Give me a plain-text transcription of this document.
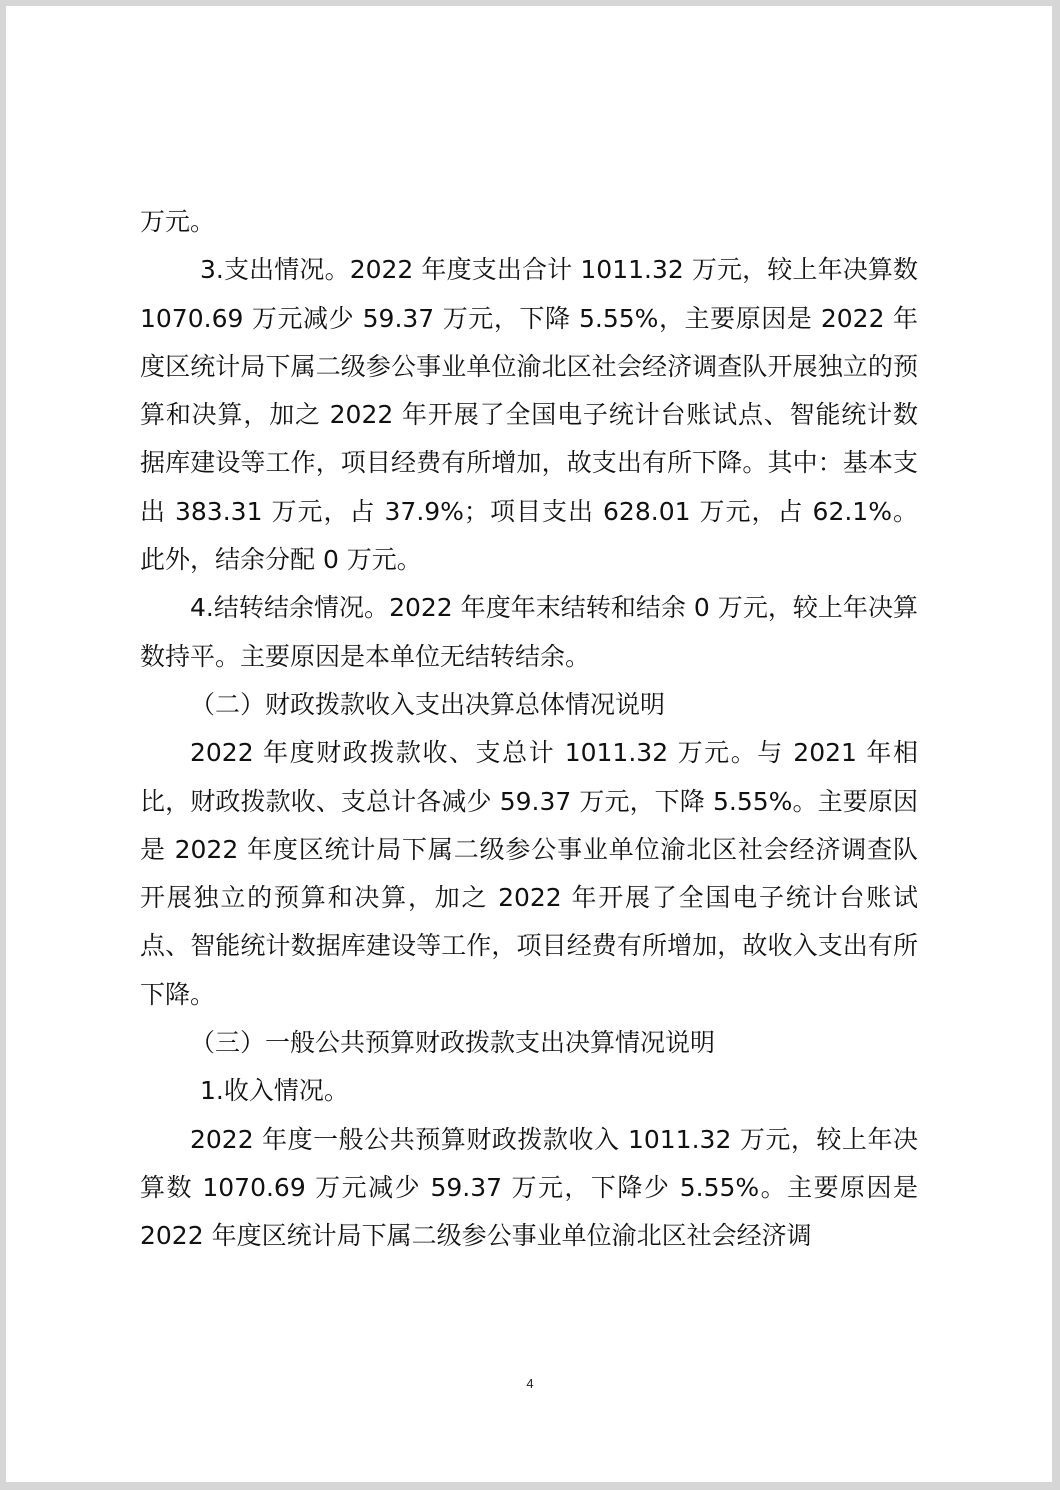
万元。

3.支出情况。2022 年度支出合计 1011.32 万元，较上年决算数 1070.69 万元减少 59.37 万元，下降 5.55%，主要原因是 2022 年度区统计局下属二级参公事业单位渝北区社会经济调查队开展独立的预算和决算，加之 2022 年开展了全国电子统计台账试点、智能统计数据库建设等工作，项目经费有所增加，故支出有所下降。其中：基本支出 383.31 万元，占 37.9%；项目支出 628.01 万元，占 62.1%。此外，结余分配 0 万元。

4.结转结余情况。2022 年度年末结转和结余 0 万元，较上年决算数持平。主要原因是本单位无结转结余。

（二）财政拨款收入支出决算总体情况说明

2022 年度财政拨款收、支总计 1011.32 万元。与 2021 年相比，财政拨款收、支总计各减少 59.37 万元，下降 5.55%。主要原因是 2022 年度区统计局下属二级参公事业单位渝北区社会经济调查队开展独立的预算和决算，加之 2022 年开展了全国电子统计台账试点、智能统计数据库建设等工作，项目经费有所增加，故收入支出有所下降。

（三）一般公共预算财政拨款支出决算情况说明

1.收入情况。

2022 年度一般公共预算财政拨款收入 1011.32 万元，较上年决算数 1070.69 万元减少 59.37 万元，下降少 5.55%。主要原因是 2022 年度区统计局下属二级参公事业单位渝北区社会经济调

4
